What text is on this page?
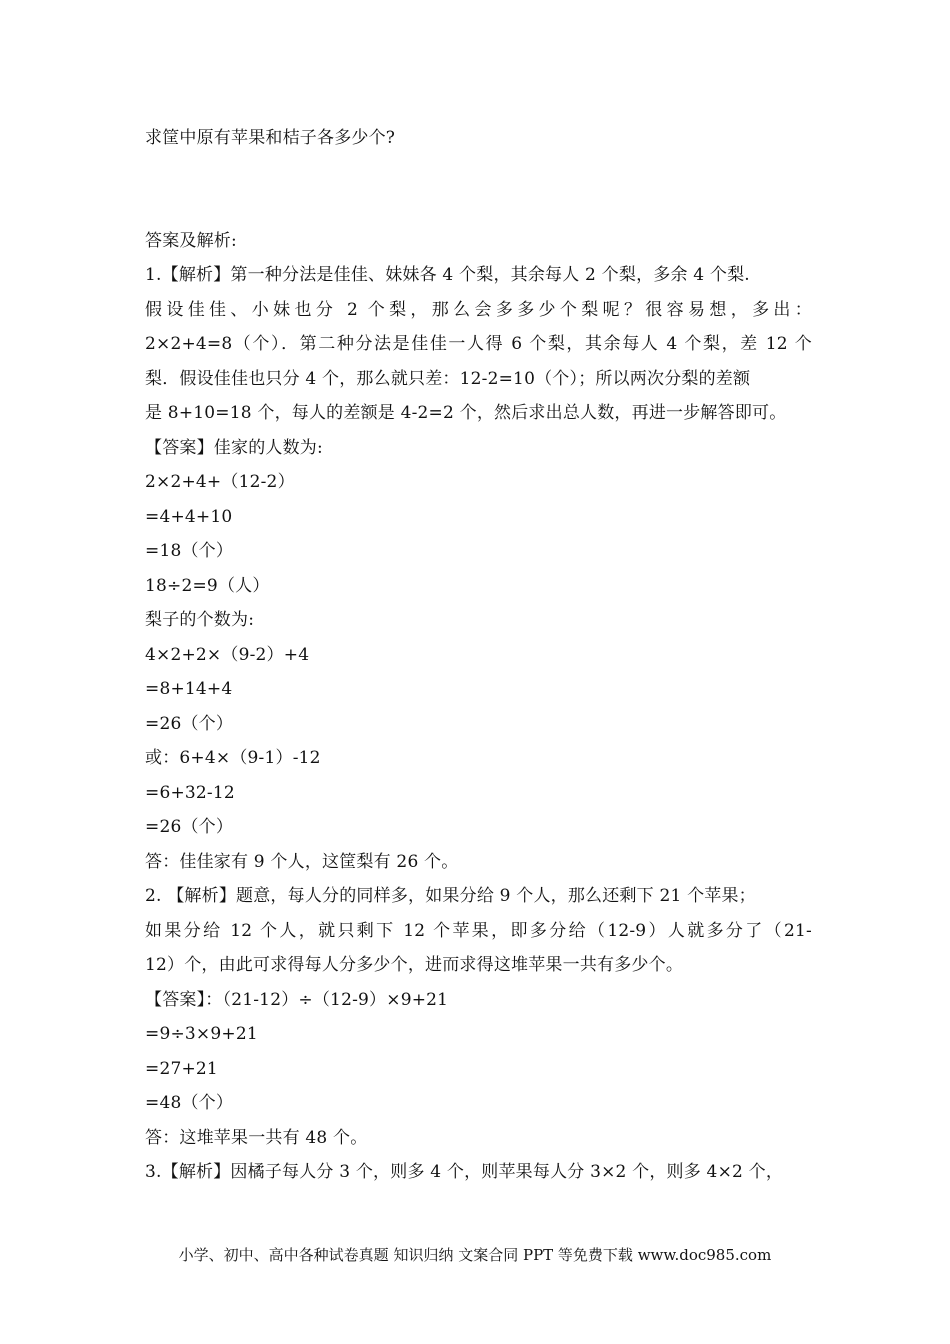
求筐中原有苹果和桔子各多少个?
答案及解析:
1.【解析】第一种分法是佳佳、妹妹各 4 个梨，其余每人 2 个梨，多余 4 个梨.
假设佳佳、小妹也分 2 个梨，那么会多多少个梨呢？很容易想，多出：
2×2+4=8（个）．第二种分法是佳佳一人得 6 个梨，其余每人 4 个梨，差 12 个
梨．假设佳佳也只分 4 个，那么就只差：12-2=10（个）；所以两次分梨的差额
是 8+10=18 个，每人的差额是 4-2=2 个，然后求出总人数，再进一步解答即可。
【答案】佳家的人数为:
2×2+4+（12-2）
=4+4+10
=18（个）
18÷2=9（人）
梨子的个数为:
4×2+2×（9-2）+4
=8+14+4
=26（个）
或：6+4×（9-1）-12
=6+32-12
=26（个）
答：佳佳家有 9 个人，这筐梨有 26 个。
2. 【解析】题意，每人分的同样多，如果分给 9 个人，那么还剩下 21 个苹果；
如果分给 12 个人，就只剩下 12 个苹果，即多分给（12-9）人就多分了（21-
12）个，由此可求得每人分多少个，进而求得这堆苹果一共有多少个。
【答案】：（21-12）÷（12-9）×9+21
=9÷3×9+21
=27+21
=48（个）
答：这堆苹果一共有 48 个。
3.【解析】因橘子每人分 3 个，则多 4 个，则苹果每人分 3×2 个，则多 4×2 个，
小学、初中、高中各种试卷真题 知识归纳 文案合同 PPT 等免费下载 www.doc985.com
